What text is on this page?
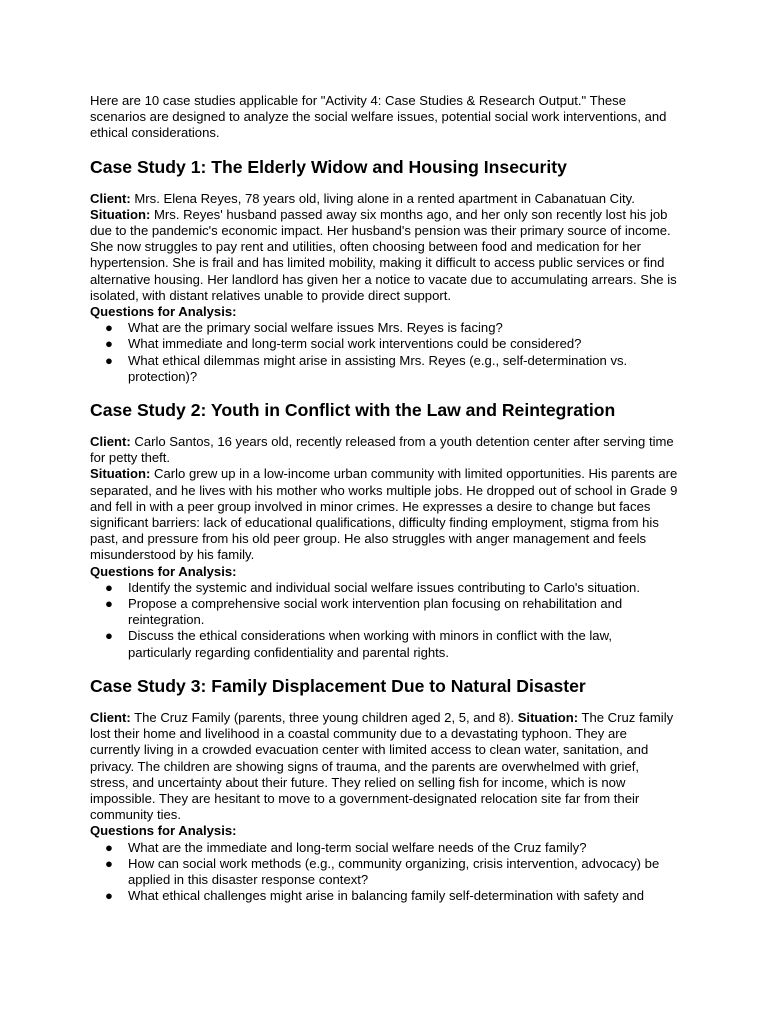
Here are 10 case studies applicable for "Activity 4: Case Studies & Research Output." These scenarios are designed to analyze the social welfare issues, potential social work interventions, and ethical considerations.

Case Study 1: The Elderly Widow and Housing Insecurity

Client: Mrs. Elena Reyes, 78 years old, living alone in a rented apartment in Cabanatuan City.

Situation: Mrs. Reyes' husband passed away six months ago, and her only son recently lost his job due to the pandemic's economic impact. Her husband's pension was their primary source of income. She now struggles to pay rent and utilities, often choosing between food and medication for her hypertension. She is frail and has limited mobility, making it difficult to access public services or find alternative housing. Her landlord has given her a notice to vacate due to accumulating arrears. She is isolated, with distant relatives unable to provide direct support.

Questions for Analysis:

● What are the primary social welfare issues Mrs. Reyes is facing?
● What immediate and long-term social work interventions could be considered?
● What ethical dilemmas might arise in assisting Mrs. Reyes (e.g., self-determination vs. protection)?
Case Study 2: Youth in Conflict with the Law and Reintegration

Client: Carlo Santos, 16 years old, recently released from a youth detention center after serving time for petty theft.

Situation: Carlo grew up in a low-income urban community with limited opportunities. His parents are separated, and he lives with his mother who works multiple jobs. He dropped out of school in Grade 9 and fell in with a peer group involved in minor crimes. He expresses a desire to change but faces significant barriers: lack of educational qualifications, difficulty finding employment, stigma from his past, and pressure from his old peer group. He also struggles with anger management and feels misunderstood by his family.

Questions for Analysis:

● Identify the systemic and individual social welfare issues contributing to Carlo's situation.
● Propose a comprehensive social work intervention plan focusing on rehabilitation and reintegration.
● Discuss the ethical considerations when working with minors in conflict with the law, particularly regarding confidentiality and parental rights.
Case Study 3: Family Displacement Due to Natural Disaster

Client: The Cruz Family (parents, three young children aged 2, 5, and 8). Situation: The Cruz family lost their home and livelihood in a coastal community due to a devastating typhoon. They are currently living in a crowded evacuation center with limited access to clean water, sanitation, and privacy. The children are showing signs of trauma, and the parents are overwhelmed with grief, stress, and uncertainty about their future. They relied on selling fish for income, which is now impossible. They are hesitant to move to a government-designated relocation site far from their community ties.

Questions for Analysis:

● What are the immediate and long-term social welfare needs of the Cruz family?
● How can social work methods (e.g., community organizing, crisis intervention, advocacy) be applied in this disaster response context?
● What ethical challenges might arise in balancing family self-determination with safety and
